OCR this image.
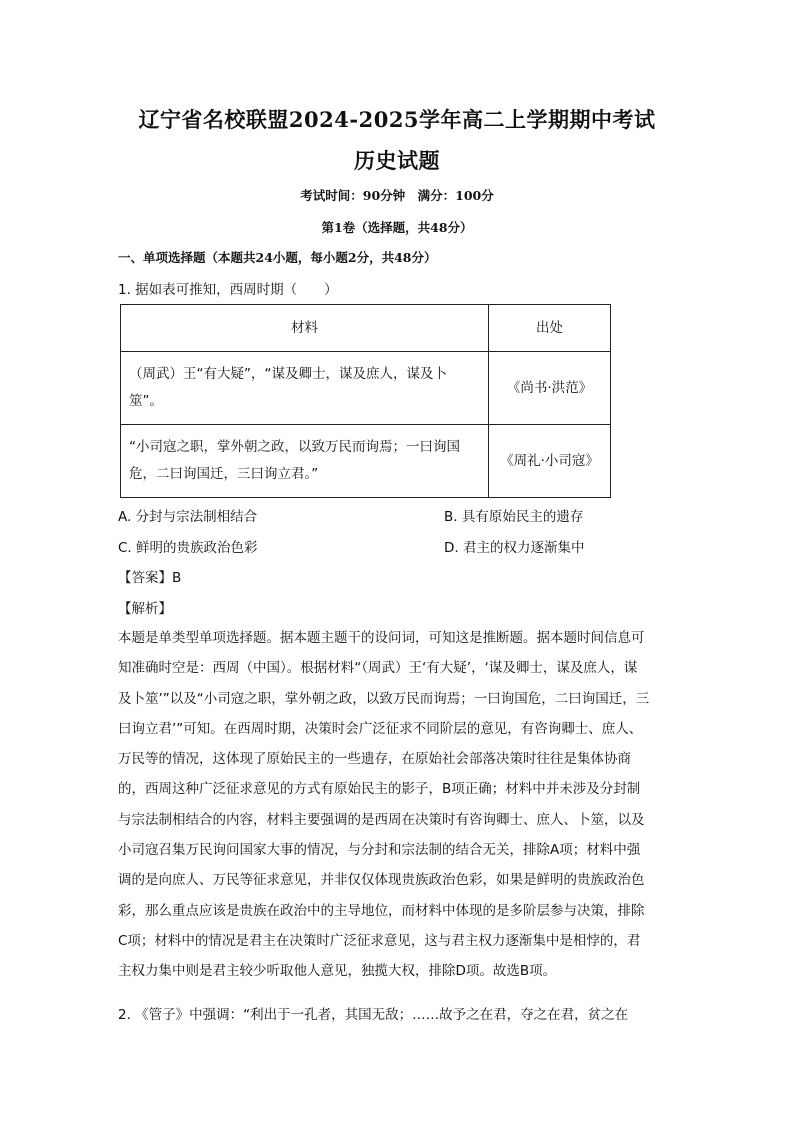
辽宁省名校联盟2024-2025学年高二上学期期中考试
历史试题
考试时间：90分钟　满分：100分
第1卷（选择题，共48分）
一、单项选择题（本题共24小题，每小题2分，共48分）
1. 据如表可推知，西周时期（　　）
材料	出处
（周武）王“有大疑”，“谋及卿士，谋及庶人，谋及卜筮”。	《尚书·洪范》
“小司寇之职，掌外朝之政，以致万民而询焉；一曰询国危，二曰询国迁，三曰询立君。”	《周礼·小司寇》
A. 分封与宗法制相结合	B. 具有原始民主的遗存
C. 鲜明的贵族政治色彩	D. 君主的权力逐渐集中
【答案】B
【解析】
本题是单类型单项选择题。据本题主题干的设问词，可知这是推断题。据本题时间信息可
知准确时空是：西周（中国）。根据材料“（周武）王‘有大疑’，‘谋及卿士，谋及庶人，谋
及卜筮’”以及“小司寇之职，掌外朝之政，以致万民而询焉；一曰询国危，二曰询国迁，三
曰询立君’”可知。在西周时期，决策时会广泛征求不同阶层的意见，有咨询卿士、庶人、
万民等的情况，这体现了原始民主的一些遗存，在原始社会部落决策时往往是集体协商
的，西周这种广泛征求意见的方式有原始民主的影子，B项正确；材料中并未涉及分封制
与宗法制相结合的内容，材料主要强调的是西周在决策时有咨询卿士、庶人、卜筮，以及
小司寇召集万民询问国家大事的情况，与分封和宗法制的结合无关，排除A项；材料中强
调的是向庶人、万民等征求意见，并非仅仅体现贵族政治色彩，如果是鲜明的贵族政治色
彩，那么重点应该是贵族在政治中的主导地位，而材料中体现的是多阶层参与决策，排除
C项；材料中的情况是君主在决策时广泛征求意见，这与君主权力逐渐集中是相悖的，君
主权力集中则是君主较少听取他人意见，独揽大权，排除D项。故选B项。
2. 《管子》中强调：“利出于一孔者，其国无敌；……故予之在君，夺之在君，贫之在
